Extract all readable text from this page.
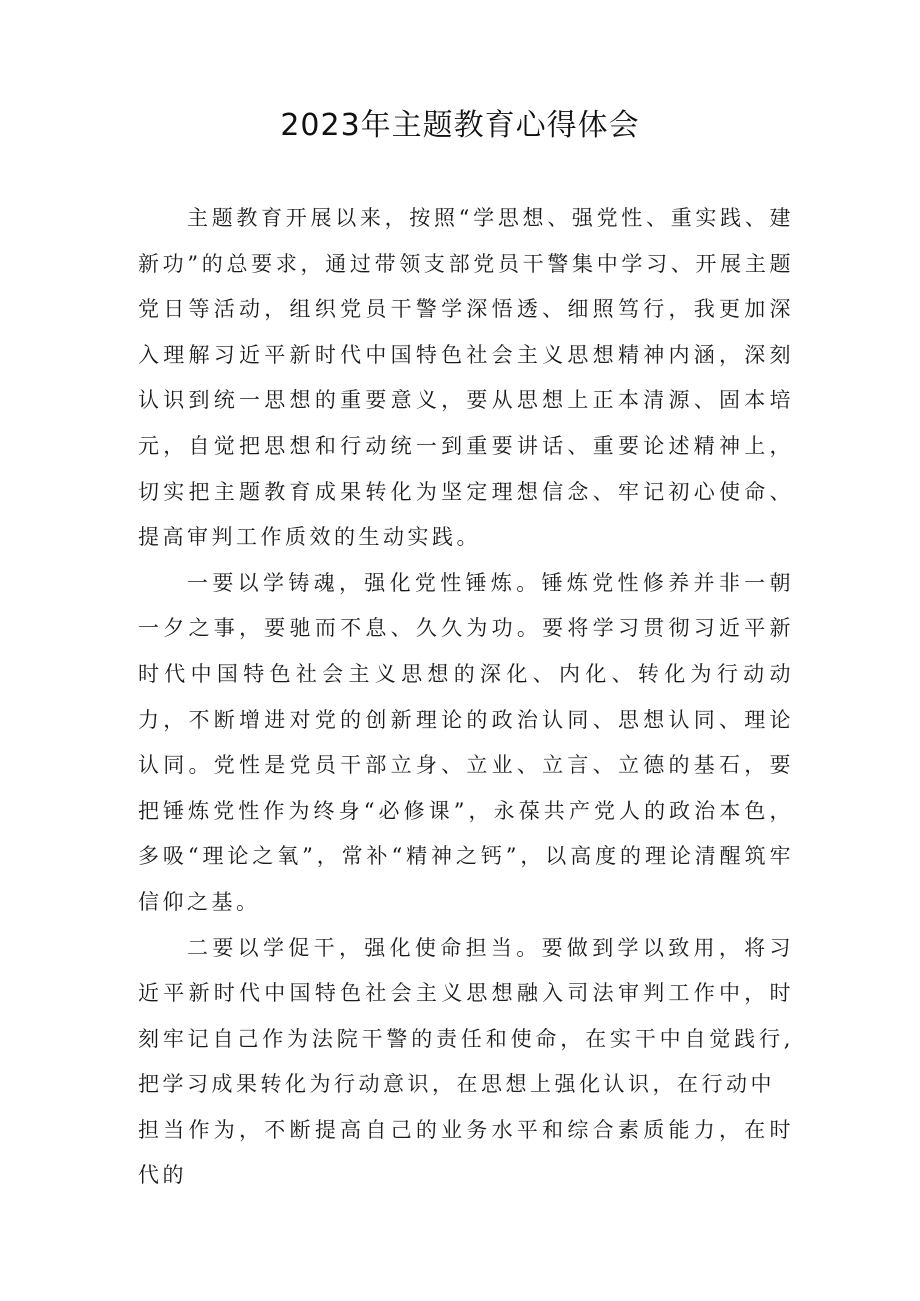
2023年主题教育心得体会

主题教育开展以来，按照“学思想、强党性、重实践、建新功”的总要求，通过带领支部党员干警集中学习、开展主题党日等活动，组织党员干警学深悟透、细照笃行，我更加深入理解习近平新时代中国特色社会主义思想精神内涵，深刻认识到统一思想的重要意义，要从思想上正本清源、固本培元，自觉把思想和行动统一到重要讲话、重要论述精神上，切实把主题教育成果转化为坚定理想信念、牢记初心使命、提高审判工作质效的生动实践。

一要以学铸魂，强化党性锤炼。锤炼党性修养并非一朝一夕之事，要驰而不息、久久为功。要将学习贯彻习近平新时代中国特色社会主义思想的深化、内化、转化为行动动力，不断增进对党的创新理论的政治认同、思想认同、理论认同。党性是党员干部立身、立业、立言、立德的基石，要把锤炼党性作为终身“必修课”，永葆共产党人的政治本色，多吸“理论之氧”，常补“精神之钙”，以高度的理论清醒筑牢信仰之基。

二要以学促干，强化使命担当。要做到学以致用，将习近平新时代中国特色社会主义思想融入司法审判工作中，时刻牢记自己作为法院干警的责任和使命，在实干中自觉践行,把学习成果转化为行动意识，在思想上强化认识，在行动中

担当作为，不断提高自己的业务水平和综合素质能力，在时代的
